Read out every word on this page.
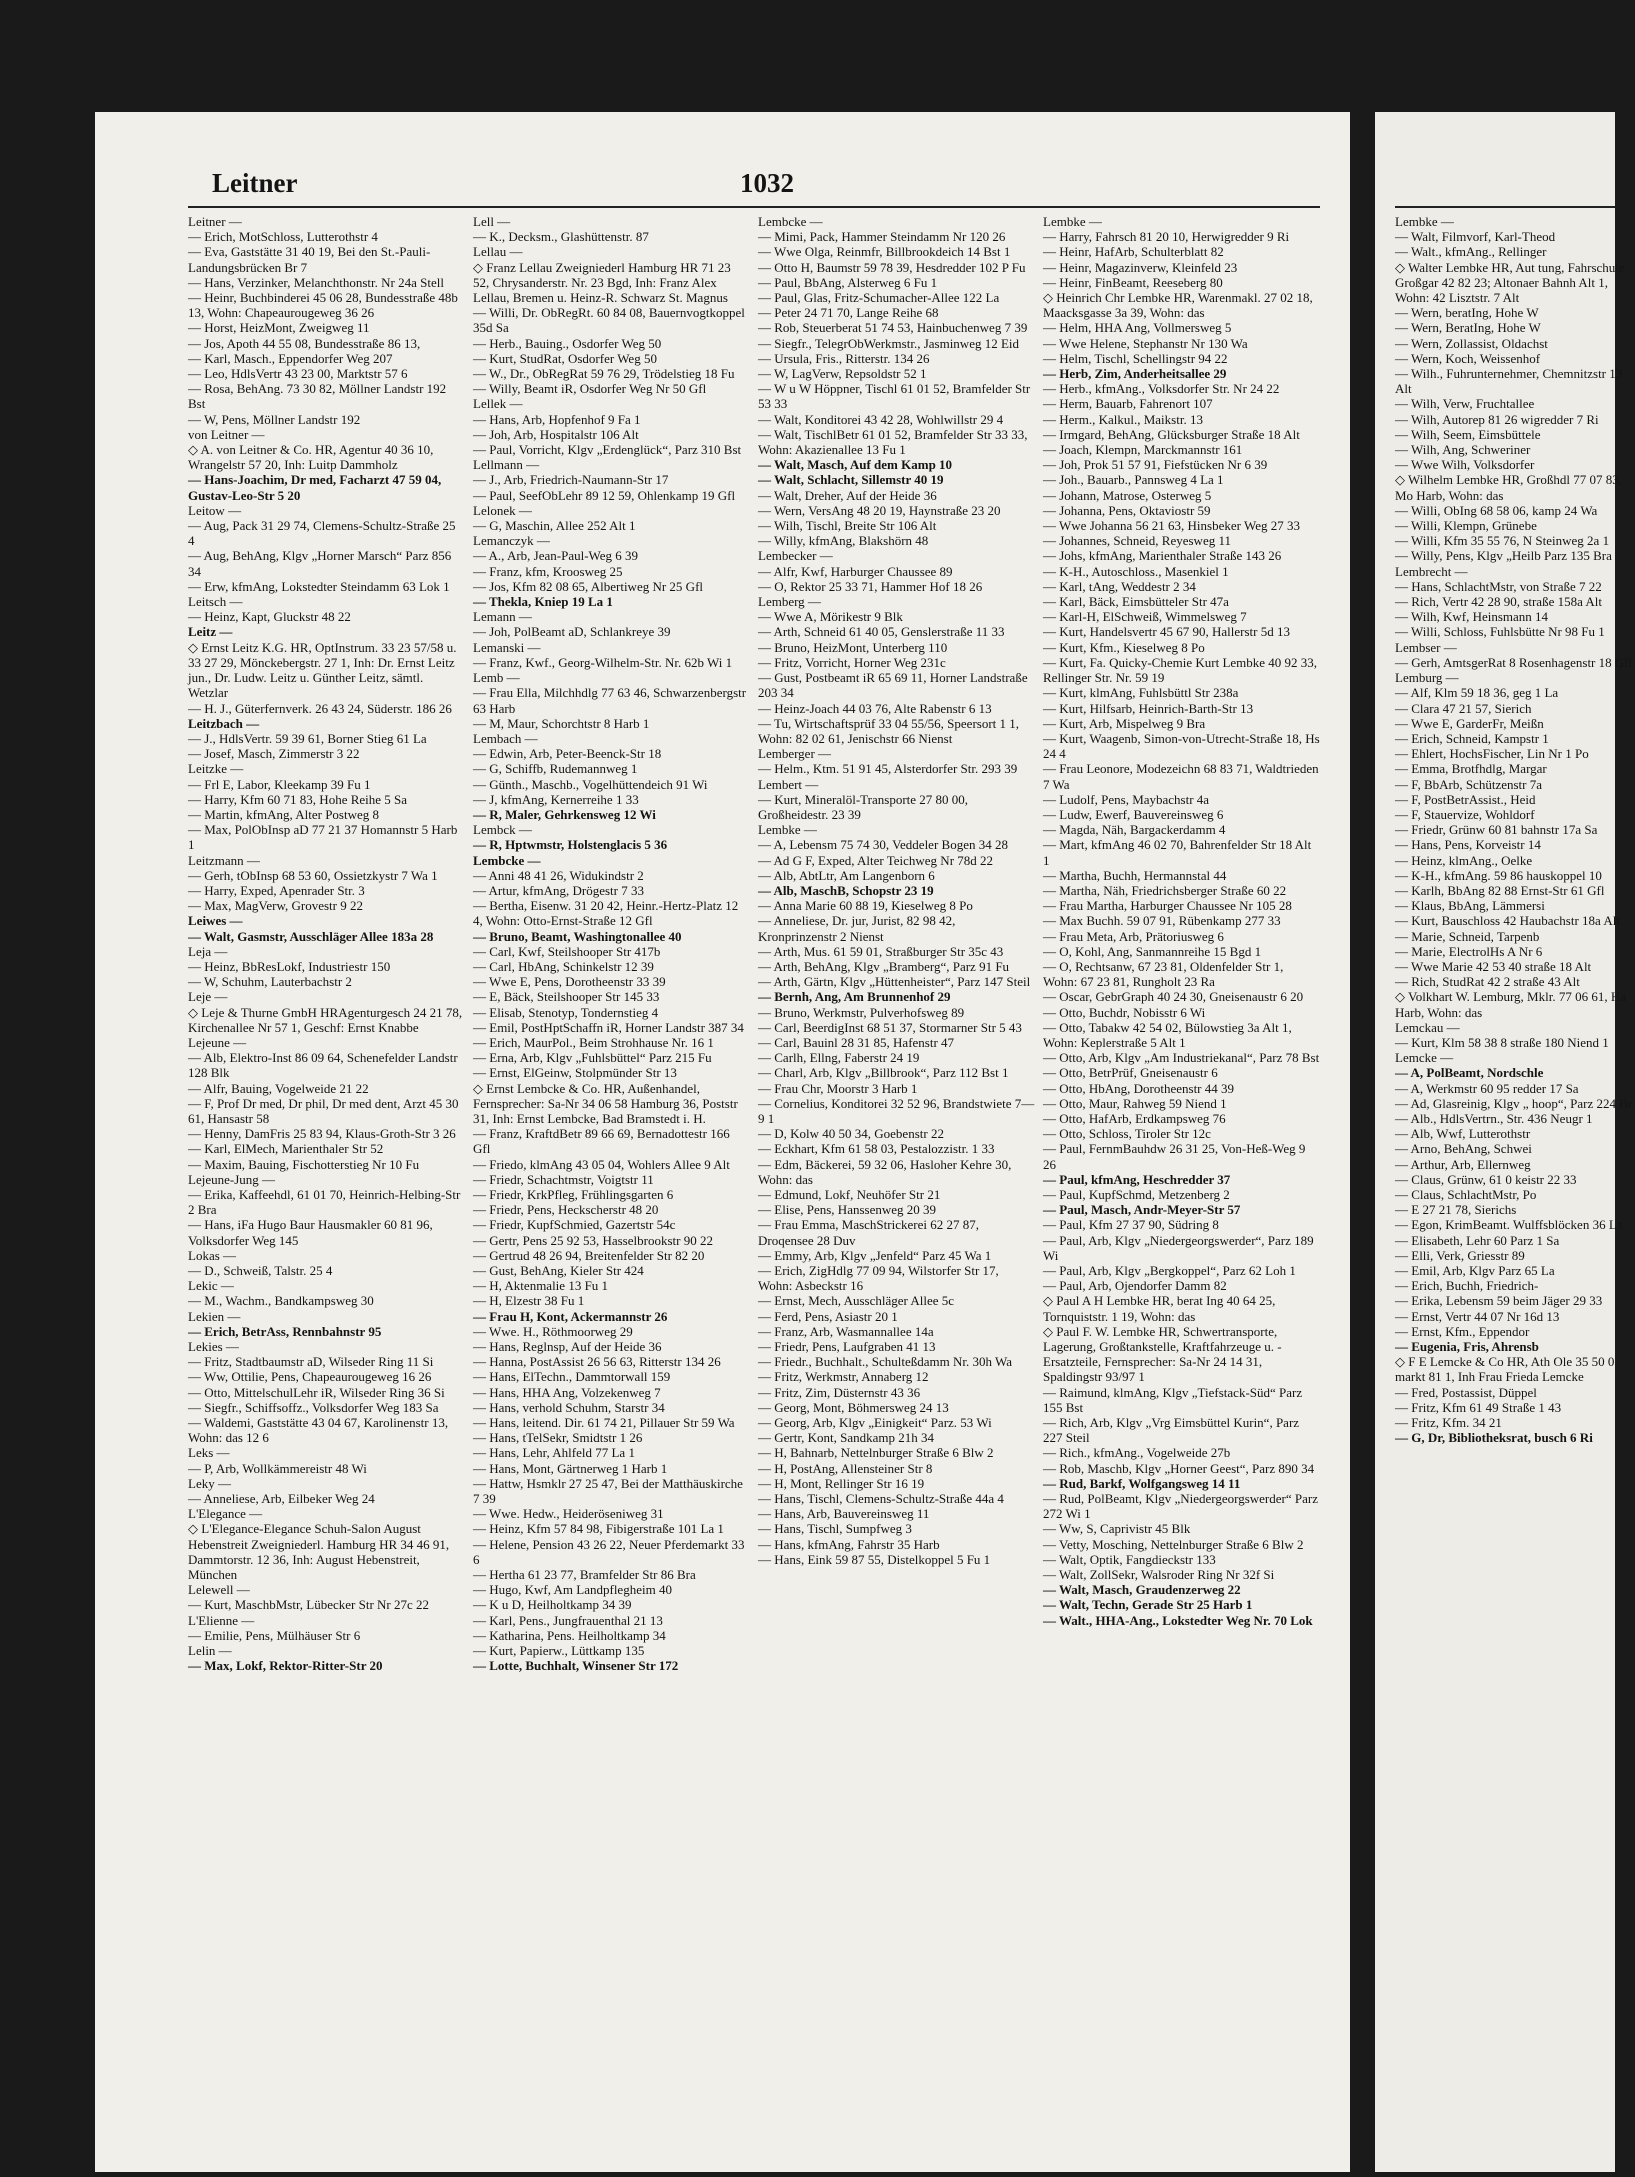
Leitner	1032
Leitner —
— Erich, MotSchloss, Lutterothstr 4
— Eva, Gaststätte 31 40 19, Bei den St.-Pauli-Landungsbrücken Br 7
— Hans, Verzinker, Melanchthonstr. Nr 24a Stell
— Heinr, Buchbinderei 45 06 28, Bundesstraße 48b 13, Wohn: Chapeaurougeweg 36 26
— Horst, HeizMont, Zweigweg 11
— Jos, Apoth 44 55 08, Bundesstraße 86 13,
— Karl, Masch., Eppendorfer Weg 207
— Leo, HdlsVertr 43 23 00, Marktstr 57 6
— Rosa, BehAng. 73 30 82, Möllner Landstr 192 Bst
— W, Pens, Möllner Landstr 192
von Leitner —
◇ A. von Leitner & Co. HR, Agentur 40 36 10, Wrangelstr 57 20, Inh: Luitp Dammholz
— Hans-Joachim, Dr med, Facharzt 47 59 04, Gustav-Leo-Str 5 20
Leitow —
— Aug, Pack 31 29 74, Clemens-Schultz-Straße 25 4
— Aug, BehAng, Klgv „Horner Marsch“ Parz 856 34
— Erw, kfmAng, Lokstedter Steindamm 63 Lok 1
Leitsch —
— Heinz, Kapt, Gluckstr 48 22
Leitz —
◇ Ernst Leitz K.G. HR, OptInstrum. 33 23 57/58 u. 33 27 29, Mönckebergstr. 27 1, Inh: Dr. Ernst Leitz jun., Dr. Ludw. Leitz u. Günther Leitz, sämtl. Wetzlar
— H. J., Güterfernverk. 26 43 24, Süderstr. 186 26
Leitzbach —
— J., HdlsVertr. 59 39 61, Borner Stieg 61 La
— Josef, Masch, Zimmerstr 3 22
Leitzke —
— Frl E, Labor, Kleekamp 39 Fu 1
— Harry, Kfm 60 71 83, Hohe Reihe 5 Sa
— Martin, kfmAng, Alter Postweg 8
— Max, PolObInsp aD 77 21 37 Homannstr 5 Harb 1
Leitzmann —
— Gerh, tObInsp 68 53 60, Ossietzkystr 7 Wa 1
— Harry, Exped, Apenrader Str. 3
— Max, MagVerw, Grovestr 9 22
Leiwes —
— Walt, Gasmstr, Ausschläger Allee 183a 28
Leja —
— Heinz, BbResLokf, Industriestr 150
— W, Schuhm, Lauterbachstr 2
Leje —
◇ Leje & Thurne GmbH HRAgenturgesch 24 21 78, Kirchenallee Nr 57 1, Geschf: Ernst Knabbe
Lejeune —
— Alb, Elektro-Inst 86 09 64, Schenefelder Landstr 128 Blk
— Alfr, Bauing, Vogelweide 21 22
— F, Prof Dr med, Dr phil, Dr med dent, Arzt 45 30 61, Hansastr 58
— Henny, DamFris 25 83 94, Klaus-Groth-Str 3 26
— Karl, ElMech, Marienthaler Str 52
— Maxim, Bauing, Fischotterstieg Nr 10 Fu
Lejeune-Jung —
— Erika, Kaffeehdl, 61 01 70, Heinrich-Helbing-Str 2 Bra
— Hans, iFa Hugo Baur Hausmakler 60 81 96, Volksdorfer Weg 145
Lokas —
— D., Schweiß, Talstr. 25 4
Lekic —
— M., Wachm., Bandkampsweg 30
Lekien —
— Erich, BetrAss, Rennbahnstr 95
Lekies —
— Fritz, Stadtbaumstr aD, Wilseder Ring 11 Si
— Ww, Ottilie, Pens, Chapeaurougeweg 16 26
— Otto, MittelschulLehr iR, Wilseder Ring 36 Si
— Siegfr., Schiffsoffz., Volksdorfer Weg 183 Sa
— Waldemi, Gaststätte 43 04 67, Karolinenstr 13, Wohn: das 12 6
Leks —
— P, Arb, Wollkämmereistr 48 Wi
Leky —
— Anneliese, Arb, Eilbeker Weg 24
L'Elegance —
◇ L'Elegance-Elegance Schuh-Salon August Hebenstreit Zweigniederl. Hamburg HR 34 46 91, Dammtorstr. 12 36, Inh: August Hebenstreit, München
Lelewell —
— Kurt, MaschbMstr, Lübecker Str Nr 27c 22
L'Elienne —
— Emilie, Pens, Mülhäuser Str 6
Lelin —
— Max, Lokf, Rektor-Ritter-Str 20
Lell —
— K., Decksm., Glashüttenstr. 87
Lellau —
◇ Franz Lellau Zweigniederl Hamburg HR 71 23 52, Chrysanderstr. Nr. 23 Bgd, Inh: Franz Alex Lellau, Bremen u. Heinz-R. Schwarz St. Magnus
— Willi, Dr. ObRegRt. 60 84 08, Bauernvogtkoppel 35d Sa
— Herb., Bauing., Osdorfer Weg 50
— Kurt, StudRat, Osdorfer Weg 50
— W., Dr., ObRegRat 59 76 29, Trödelstieg 18 Fu
— Willy, Beamt iR, Osdorfer Weg Nr 50 Gfl
Lellek —
— Hans, Arb, Hopfenhof 9 Fa 1
— Joh, Arb, Hospitalstr 106 Alt
— Paul, Vorricht, Klgv „Erdenglück“, Parz 310 Bst
Lellmann —
— J., Arb, Friedrich-Naumann-Str 17
— Paul, SeefObLehr 89 12 59, Ohlenkamp 19 Gfl
Lelonek —
— G, Maschin, Allee 252 Alt 1
Lemanczyk —
— A., Arb, Jean-Paul-Weg 6 39
— Franz, kfm, Kroosweg 25
— Jos, Kfm 82 08 65, Albertiweg Nr 25 Gfl
— Thekla, Kniep 19 La 1
Lemann —
— Joh, PolBeamt aD, Schlankreye 39
Lemanski —
— Franz, Kwf., Georg-Wilhelm-Str. Nr. 62b Wi 1
Lemb —
— Frau Ella, Milchhdlg 77 63 46, Schwarzenbergstr 63 Harb
— M, Maur, Schorchtstr 8 Harb 1
Lembach —
— Edwin, Arb, Peter-Beenck-Str 18
— G, Schiffb, Rudemannweg 1
— Günth., Maschb., Vogelhüttendeich 91 Wi
— J, kfmAng, Kernerreihe 1 33
— R, Maler, Gehrkensweg 12 Wi
Lembck —
— R, Hptwmstr, Holstenglacis 5 36
Lembcke —
— Anni 48 41 26, Widukindstr 2
— Artur, kfmAng, Drögestr 7 33
— Bertha, Eisenw. 31 20 42, Heinr.-Hertz-Platz 12 4, Wohn: Otto-Ernst-Straße 12 Gfl
— Bruno, Beamt, Washingtonallee 40
— Carl, Kwf, Steilshooper Str 417b
— Carl, HbAng, Schinkelstr 12 39
— Wwe E, Pens, Dorotheenstr 33 39
— E, Bäck, Steilshooper Str 145 33
— Elisab, Stenotyp, Tondernstieg 4
— Emil, PostHptSchaffn iR, Horner Landstr 387 34
— Erich, MaurPol., Beim Strohhause Nr. 16 1
— Erna, Arb, Klgv „Fuhlsbüttel“ Parz 215 Fu
— Ernst, ElGeinw, Stolpmünder Str 13
◇ Ernst Lembcke & Co. HR, Außenhandel, Fernsprecher: Sa-Nr 34 06 58 Hamburg 36, Poststr 31, Inh: Ernst Lembcke, Bad Bramstedt i. H.
— Franz, KraftdBetr 89 66 69, Bernadottestr 166 Gfl
— Friedo, klmAng 43 05 04, Wohlers Allee 9 Alt
— Friedr, Schachtmstr, Voigtstr 11
— Friedr, KrkPfleg, Frühlingsgarten 6
— Friedr, Pens, Heckscherstr 48 20
— Friedr, KupfSchmied, Gazertstr 54c
— Gertr, Pens 25 92 53, Hasselbrookstr 90 22
— Gertrud 48 26 94, Breitenfelder Str 82 20
— Gust, BehAng, Kieler Str 424
— H, Aktenmalie 13 Fu 1
— H, Elzestr 38 Fu 1
— Frau H, Kont, Ackermannstr 26
— Wwe. H., Röthmoorweg 29
— Hans, Reglnsp, Auf der Heide 36
— Hanna, PostAssist 26 56 63, Ritterstr 134 26
— Hans, ElTechn., Dammtorwall 159
— Hans, HHA Ang, Volzekenweg 7
— Hans, verhold Schuhm, Starstr 34
— Hans, leitend. Dir. 61 74 21, Pillauer Str 59 Wa
— Hans, tTelSekr, Smidtstr 1 26
— Hans, Lehr, Ahlfeld 77 La 1
— Hans, Mont, Gärtnerweg 1 Harb 1
— Hattw, Hsmklr 27 25 47, Bei der Matthäuskirche 7 39
— Wwe. Hedw., Heideröseniweg 31
— Heinz, Kfm 57 84 98, Fibigerstraße 101 La 1
— Helene, Pension 43 26 22, Neuer Pferdemarkt 33 6
— Hertha 61 23 77, Bramfelder Str 86 Bra
— Hugo, Kwf, Am Landpflegheim 40
— K u D, Heilholtkamp 34 39
— Karl, Pens., Jungfrauenthal 21 13
— Katharina, Pens. Heilholtkamp 34
— Kurt, Papierw., Lüttkamp 135
— Lotte, Buchhalt, Winsener Str 172
Lembcke —
— Mimi, Pack, Hammer Steindamm Nr 120 26
— Wwe Olga, Reinmfr, Billbrookdeich 14 Bst 1
— Otto H, Baumstr 59 78 39, Hesdredder 102 P Fu
— Paul, BbAng, Alsterweg 6 Fu 1
— Paul, Glas, Fritz-Schumacher-Allee 122 La
— Peter 24 71 70, Lange Reihe 68
— Rob, Steuerberat 51 74 53, Hainbuchenweg 7 39
— Siegfr., TelegrObWerkmstr., Jasminweg 12 Eid
— Ursula, Fris., Ritterstr. 134 26
— W, LagVerw, Repsoldstr 52 1
— W u W Höppner, Tischl 61 01 52, Bramfelder Str 53 33
— Walt, Konditorei 43 42 28, Wohlwillstr 29 4
— Walt, TischlBetr 61 01 52, Bramfelder Str 33 33, Wohn: Akazienallee 13 Fu 1
— Walt, Masch, Auf dem Kamp 10
— Walt, Schlacht, Sillemstr 40 19
— Walt, Dreher, Auf der Heide 36
— Wern, VersAng 48 20 19, Haynstraße 23 20
— Wilh, Tischl, Breite Str 106 Alt
— Willy, kfmAng, Blakshörn 48
Lembecker —
— Alfr, Kwf, Harburger Chaussee 89
— O, Rektor 25 33 71, Hammer Hof 18 26
Lemberg —
— Wwe A, Mörikestr 9 Blk
— Arth, Schneid 61 40 05, Genslerstraße 11 33
— Bruno, HeizMont, Unterberg 110
— Fritz, Vorricht, Horner Weg 231c
— Gust, Postbeamt iR 65 69 11, Horner Landstraße 203 34
— Heinz-Joach 44 03 76, Alte Rabenstr 6 13
— Tu, Wirtschaftsprüf 33 04 55/56, Speersort 1 1, Wohn: 82 02 61, Jenischstr 66 Nienst
Lemberger —
— Helm., Ktm. 51 91 45, Alsterdorfer Str. 293 39
Lembert —
— Kurt, Mineralöl-Transporte 27 80 00, Großheidestr. 23 39
Lembke —
— A, Lebensm 75 74 30, Veddeler Bogen 34 28
— Ad G F, Exped, Alter Teichweg Nr 78d 22
— Alb, AbtLtr, Am Langenborn 6
— Alb, MaschB, Schopstr 23 19
— Anna Marie 60 88 19, Kieselweg 8 Po
— Anneliese, Dr. jur, Jurist, 82 98 42, Kronprinzenstr 2 Nienst
— Arth, Mus. 61 59 01, Straßburger Str 35c 43
— Arth, BehAng, Klgv „Bramberg“, Parz 91 Fu
— Arth, Gärtn, Klgv „Hüttenheister“, Parz 147 Steil
— Bernh, Ang, Am Brunnenhof 29
— Bruno, Werkmstr, Pulverhofsweg 89
— Carl, BeerdigInst 68 51 37, Stormarner Str 5 43
— Carl, Bauinl 28 31 85, Hafenstr 47
— Carlh, Ellng, Faberstr 24 19
— Charl, Arb, Klgv „Billbrook“, Parz 112 Bst 1
— Frau Chr, Moorstr 3 Harb 1
— Cornelius, Konditorei 32 52 96, Brandstwiete 7—9 1
— D, Kolw 40 50 34, Goebenstr 22
— Eckhart, Kfm 61 58 03, Pestalozzistr. 1 33
— Edm, Bäckerei, 59 32 06, Hasloher Kehre 30, Wohn: das
— Edmund, Lokf, Neuhöfer Str 21
— Elise, Pens, Hanssenweg 20 39
— Frau Emma, MaschStrickerei 62 27 87, Droqensee 28 Duv
— Emmy, Arb, Klgv „Jenfeld“ Parz 45 Wa 1
— Erich, ZigHdlg 77 09 94, Wilstorfer Str 17, Wohn: Asbeckstr 16
— Ernst, Mech, Ausschläger Allee 5c
— Ferd, Pens, Asiastr 20 1
— Franz, Arb, Wasmannallee 14a
— Friedr, Pens, Laufgraben 41 13
— Friedr., Buchhalt., Schulteßdamm Nr. 30h Wa
— Fritz, Werkmstr, Annaberg 12
— Fritz, Zim, Düsternstr 43 36
— Georg, Mont, Böhmersweg 24 13
— Georg, Arb, Klgv „Einigkeit“ Parz. 53 Wi
— Gertr, Kont, Sandkamp 21h 34
— H, Bahnarb, Nettelnburger Straße 6 Blw 2
— H, PostAng, Allensteiner Str 8
— H, Mont, Rellinger Str 16 19
— Hans, Tischl, Clemens-Schultz-Straße 44a 4
— Hans, Arb, Bauvereinsweg 11
— Hans, Tischl, Sumpfweg 3
— Hans, kfmAng, Fahrstr 35 Harb
— Hans, Eink 59 87 55, Distelkoppel 5 Fu 1
Lembke —
— Harry, Fahrsch 81 20 10, Herwigredder 9 Ri
— Heinr, HafArb, Schulterblatt 82
— Heinr, Magazinverw, Kleinfeld 23
— Heinr, FinBeamt, Reeseberg 80
◇ Heinrich Chr Lembke HR, Warenmakl. 27 02 18, Maacksgasse 3a 39, Wohn: das
— Helm, HHA Ang, Vollmersweg 5
— Wwe Helene, Stephanstr Nr 130 Wa
— Helm, Tischl, Schellingstr 94 22
— Herb, Zim, Anderheitsallee 29
— Herb., kfmAng., Volksdorfer Str. Nr 24 22
— Herm, Bauarb, Fahrenort 107
— Herm., Kalkul., Maikstr. 13
— Irmgard, BehAng, Glücksburger Straße 18 Alt
— Joach, Klempn, Marckmannstr 161
— Joh, Prok 51 57 91, Fiefstücken Nr 6 39
— Joh., Bauarb., Pannsweg 4 La 1
— Johann, Matrose, Osterweg 5
— Johanna, Pens, Oktaviostr 59
— Wwe Johanna 56 21 63, Hinsbeker Weg 27 33
— Johannes, Schneid, Reyesweg 11
— Johs, kfmAng, Marienthaler Straße 143 26
— K-H., Autoschloss., Masenkiel 1
— Karl, tAng, Weddestr 2 34
— Karl, Bäck, Eimsbütteler Str 47a
— Karl-H, ElSchweiß, Wimmelsweg 7
— Kurt, Handelsvertr 45 67 90, Hallerstr 5d 13
— Kurt, Kfm., Kieselweg 8 Po
— Kurt, Fa. Quicky-Chemie Kurt Lembke 40 92 33, Rellinger Str. Nr. 59 19
— Kurt, klmAng, Fuhlsbüttl Str 238a
— Kurt, Hilfsarb, Heinrich-Barth-Str 13
— Kurt, Arb, Mispelweg 9 Bra
— Kurt, Waagenb, Simon-von-Utrecht-Straße 18, Hs 24 4
— Frau Leonore, Modezeichn 68 83 71, Waldtrieden 7 Wa
— Ludolf, Pens, Maybachstr 4a
— Ludw, Ewerf, Bauvereinsweg 6
— Magda, Näh, Bargackerdamm 4
— Mart, kfmAng 46 02 70, Bahrenfelder Str 18 Alt 1
— Martha, Buchh, Hermannstal 44
— Martha, Näh, Friedrichsberger Straße 60 22
— Frau Martha, Harburger Chaussee Nr 105 28
— Max Buchh. 59 07 91, Rübenkamp 277 33
— Frau Meta, Arb, Prätoriusweg 6
— O, Kohl, Ang, Sanmannreihe 15 Bgd 1
— O, Rechtsanw, 67 23 81, Oldenfelder Str 1, Wohn: 67 23 81, Rungholt 23 Ra
— Oscar, GebrGraph 40 24 30, Gneisenaustr 6 20
— Otto, Buchdr, Nobisstr 6 Wi
— Otto, Tabakw 42 54 02, Bülowstieg 3a Alt 1, Wohn: Keplerstraße 5 Alt 1
— Otto, Arb, Klgv „Am Industriekanal“, Parz 78 Bst
— Otto, BetrPrüf, Gneisenaustr 6
— Otto, HbAng, Dorotheenstr 44 39
— Otto, Maur, Rahweg 59 Niend 1
— Otto, HafArb, Erdkampsweg 76
— Otto, Schloss, Tiroler Str 12c
— Paul, FernmBauhdw 26 31 25, Von-Heß-Weg 9 26
— Paul, kfmAng, Heschredder 37
— Paul, KupfSchmd, Metzenberg 2
— Paul, Masch, Andr-Meyer-Str 57
— Paul, Kfm 27 37 90, Südring 8
— Paul, Arb, Klgv „Niedergeorgswerder“, Parz 189 Wi
— Paul, Arb, Klgv „Bergkoppel“, Parz 62 Loh 1
— Paul, Arb, Ojendorfer Damm 82
◇ Paul A H Lembke HR, berat Ing 40 64 25, Tornquiststr. 1 19, Wohn: das
◇ Paul F. W. Lembke HR, Schwertransporte, Lagerung, Großtankstelle, Kraftfahrzeuge u. -Ersatzteile, Fernsprecher: Sa-Nr 24 14 31, Spaldingstr 93/97 1
— Raimund, klmAng, Klgv „Tiefstack-Süd“ Parz 155 Bst
— Rich, Arb, Klgv „Vrg Eimsbüttel Kurin“, Parz 227 Steil
— Rich., kfmAng., Vogelweide 27b
— Rob, Maschb, Klgv „Horner Geest“, Parz 890 34
— Rud, Barkf, Wolfgangsweg 14 11
— Rud, PolBeamt, Klgv „Niedergeorgswerder“ Parz 272 Wi 1
— Ww, S, Caprivistr 45 Blk
— Vetty, Mosching, Nettelnburger Straße 6 Blw 2
— Walt, Optik, Fangdieckstr 133
— Walt, ZollSekr, Walsroder Ring Nr 32f Si
— Walt, Masch, Graudenzerweg 22
— Walt, Techn, Gerade Str 25 Harb 1
— Walt., HHA-Ang., Lokstedter Weg Nr. 70 Lok
Lembke —
— Walt, Filmvorf, Karl-Theod
— Walt., kfmAng., Rellinger
◇ Walter Lembke HR, Aut tung, Fahrschule Großgar 42 82 23; Altonaer Bahnh Alt 1, Wohn: 42 Lisztstr. 7 Alt
— Wern, beratIng, Hohe W
— Wern, BeratIng, Hohe W
— Wern, Zollassist, Oldachst
— Wern, Koch, Weissenhof
— Wilh., Fuhrunternehmer, Chemnitzstr 13 Alt
— Wilh, Verw, Fruchtallee
— Wilh, Autorep 81 26 wigredder 7 Ri
— Wilh, Seem, Eimsbüttele
— Wilh, Ang, Schweriner
— Wwe Wilh, Volksdorfer
◇ Wilhelm Lembke HR, Großhdl 77 07 83, Mo Harb, Wohn: das
— Willi, ObIng 68 58 06, kamp 24 Wa
— Willi, Klempn, Grünebe
— Willi, Kfm 35 55 76, N Steinweg 2a 1
— Willy, Pens, Klgv „Heilb Parz 135 Bra
Lembrecht —
— Hans, SchlachtMstr, von Straße 7 22
— Rich, Vertr 42 28 90, straße 158a Alt
— Wilh, Kwf, Heinsmann 14
— Willi, Schloss, Fuhlsbütte Nr 98 Fu 1
Lembser —
— Gerh, AmtsgerRat 8 Rosenhagenstr 18 Gfl
Lemburg —
— Alf, Klm 59 18 36, geg 1 La
— Clara 47 21 57, Sierich
— Wwe E, GarderFr, Meißn
— Erich, Schneid, Kampstr 1
— Ehlert, HochsFischer, Lin Nr 1 Po
— Emma, Brotfhdlg, Margar
— F, BbArb, Schützenstr 7a
— F, PostBetrAssist., Heid
— F, Stauervize, Wohldorf
— Friedr, Grünw 60 81 bahnstr 17a Sa
— Hans, Pens, Korveistr 14
— Heinz, klmAng., Oelke
— K-H., kfmAng. 59 86 hauskoppel 10
— Karlh, BbAng 82 88 Ernst-Str 61 Gfl
— Klaus, BbAng, Lämmersi
— Kurt, Bauschloss 42 Haubachstr 18a Alt
— Marie, Schneid, Tarpenb
— Marie, ElectrolHs A Nr 6
— Wwe Marie 42 53 40 straße 18 Alt
— Rich, StudRat 42 2 straße 43 Alt
◇ Volkhart W. Lemburg, Mklr. 77 06 61, Ha Harb, Wohn: das
Lemckau —
— Kurt, Klm 58 38 8 straße 180 Niend 1
Lemcke —
— A, PolBeamt, Nordschle
— A, Werkmstr 60 95 redder 17 Sa
— Ad, Glasreinig, Klgv „ hoop“, Parz 224 Br
— Alb., HdlsVertrn., Str. 436 Neugr 1
— Alb, Wwf, Lutterothstr
— Arno, BehAng, Schwei
— Arthur, Arb, Ellernweg
— Claus, Grünw, 61 0 keistr 22 33
— Claus, SchlachtMstr, Po
— E 27 21 78, Sierichs
— Egon, KrimBeamt. Wulffsblöcken 36 La
— Elisabeth, Lehr 60 Parz 1 Sa
— Elli, Verk, Griesstr 89
— Emil, Arb, Klgv Parz 65 La
— Erich, Buchh, Friedrich-
— Erika, Lebensm 59 beim Jäger 29 33
— Ernst, Vertr 44 07 Nr 16d 13
— Ernst, Kfm., Eppendor
— Eugenia, Fris, Ahrensb
◇ F E Lemcke & Co HR, Ath Ole 35 50 0 markt 81 1, Inh Frau Frieda Lemcke
— Fred, Postassist, Düppel
— Fritz, Kfm 61 49 Straße 1 43
— Fritz, Kfm. 34 21
— G, Dr, Bibliotheksrat, busch 6 Ri
